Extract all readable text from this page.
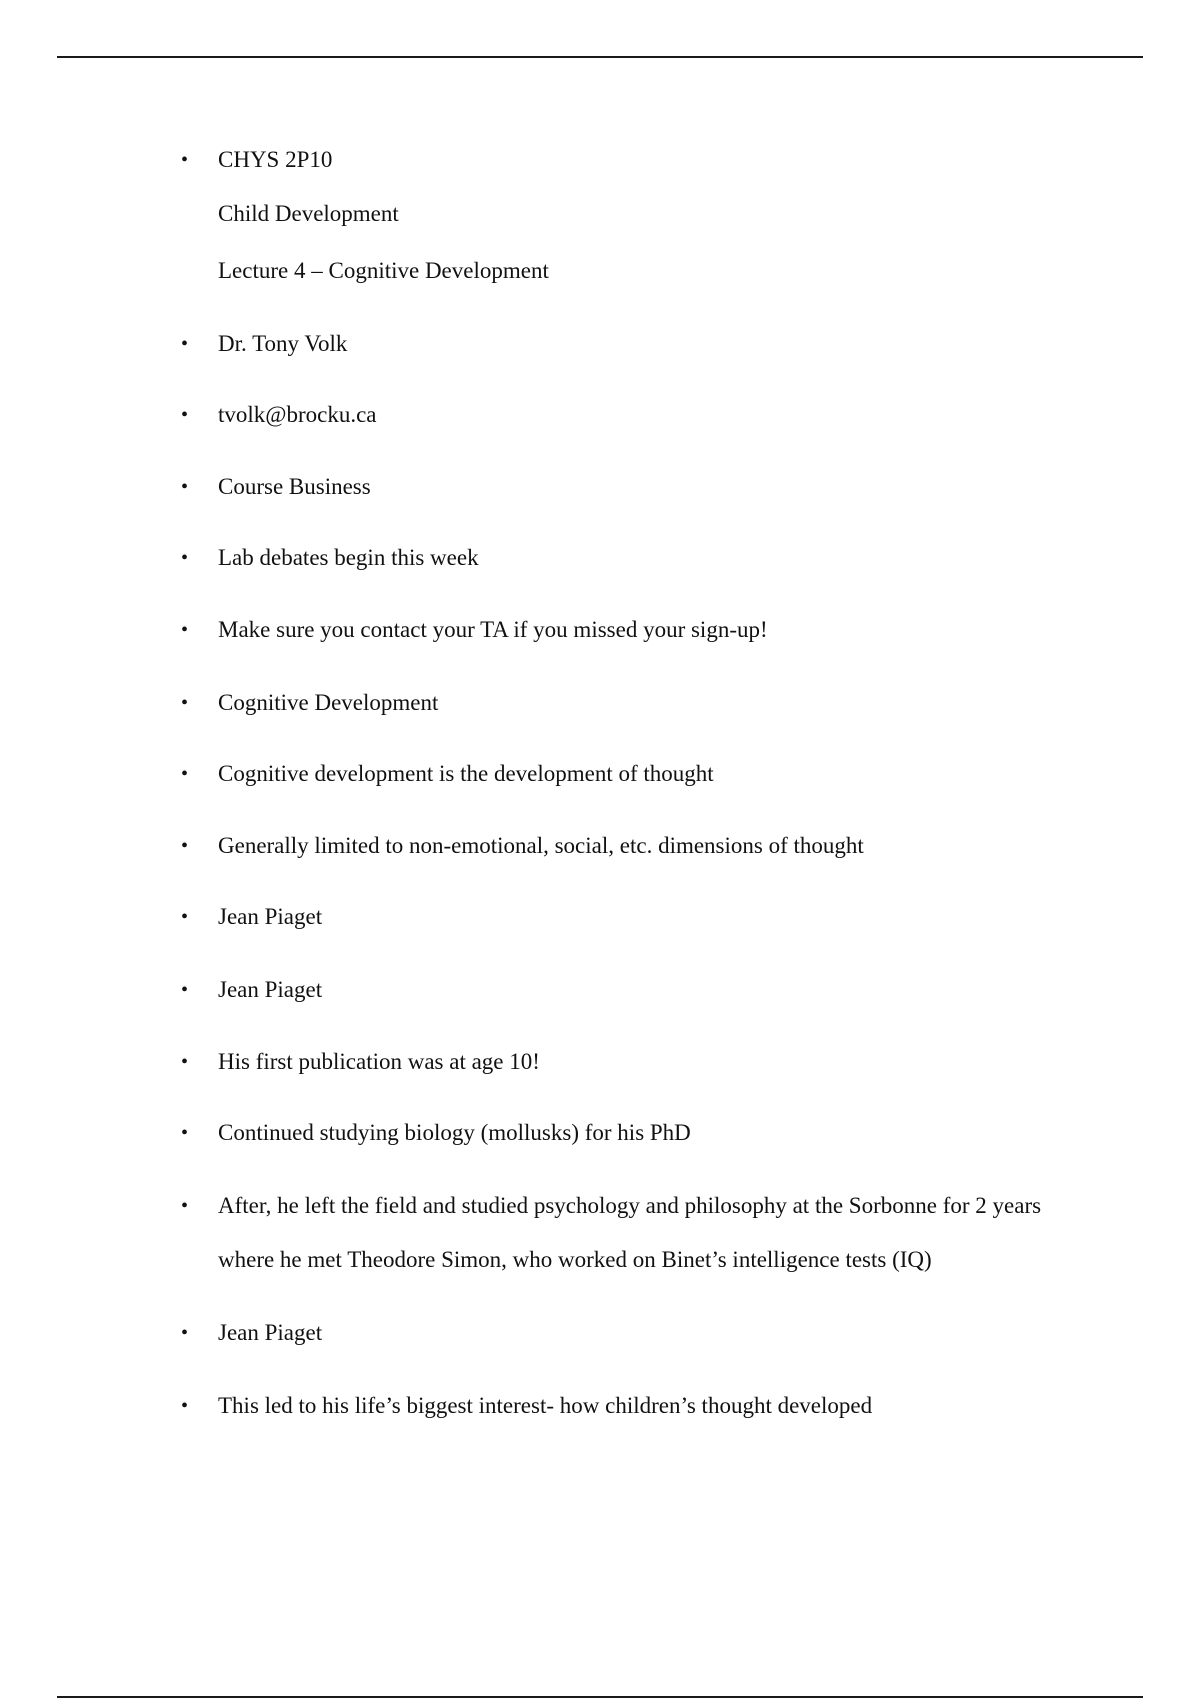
• CHYS 2P10
Child Development
Lecture 4 – Cognitive Development
• Dr. Tony Volk
• tvolk@brocku.ca
• Course Business
• Lab debates begin this week
• Make sure you contact your TA if you missed your sign-up!
• Cognitive Development
• Cognitive development is the development of thought
• Generally limited to non-emotional, social, etc. dimensions of thought
• Jean Piaget
• Jean Piaget
• His first publication was at age 10!
• Continued studying biology (mollusks) for his PhD
• After, he left the field and studied psychology and philosophy at the Sorbonne for 2 years
where he met Theodore Simon, who worked on Binet’s intelligence tests (IQ)
• Jean Piaget
• This led to his life’s biggest interest- how children’s thought developed
